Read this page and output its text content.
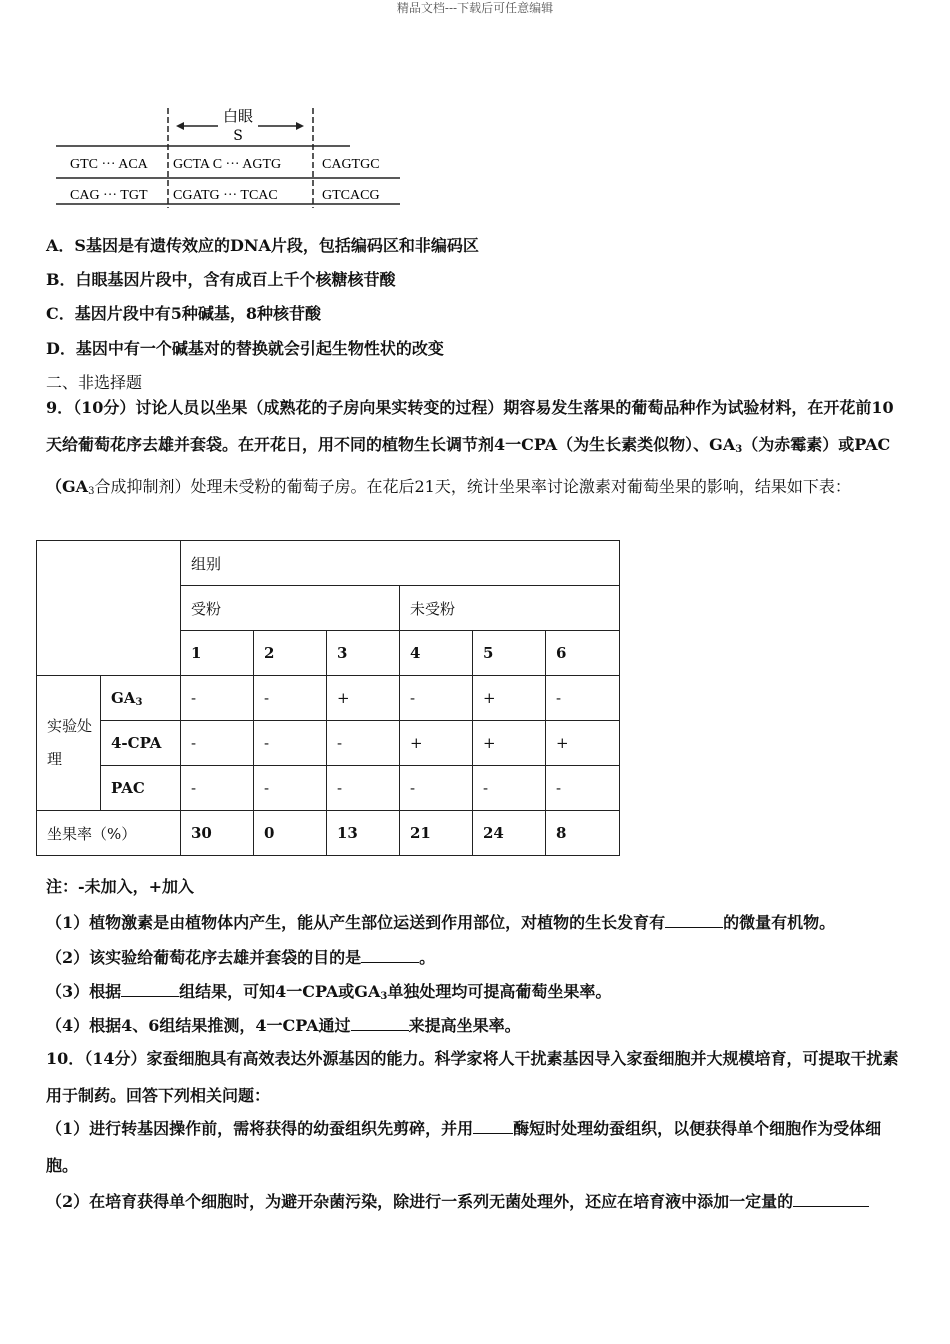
精品文档---下载后可任意编辑
白眼
S
GTC ··· ACA GCTA C ··· AGTG	CAGTGC
CAG ··· TGT CGATG ··· TCAC	GTCACG
A．S基因是有遗传效应的DNA片段，包括编码区和非编码区
B．白眼基因片段中，含有成百上千个核糖核苷酸
C．基因片段中有5种碱基，8种核苷酸
D．基因中有一个碱基对的替换就会引起生物性状的改变
二、非选择题
9．（10分）讨论人员以坐果（成熟花的子房向果实转变的过程）期容易发生落果的葡萄品种作为试验材料，在开花前10天给葡萄花序去雄并套袋。在开花日，用不同的植物生长调节剂4一CPA（为生长素类似物）、$GA_3$（为赤霉素）或$PAC(GA_3$合成抑制剂）处理未受粉的葡萄子房。在花后21天，统计坐果率讨论激素对葡萄坐果的影响，结果如下表：
		组别					
		受粉			未受粉		
		1	2	3	4	5	6
实验处理	$GA_3$	-	-	+	-	+	-
	4-CPA	-	-	-	+	+	+
	PAC	-	-	-	-	-	-
坐果率（%）		30	0	13	21	24	8
注：-未加入，+加入
（1）植物激素是由植物体内产生，能从产生部位运送到作用部位，对植物的生长发育有	的微量有机物。
（2）该实验给葡萄花序去雄并套袋的目的是	。
（3）根据	组结果，可知4一CPA或$GA_3$单独处理均可提高葡萄坐果率。
（4）根据4、6组结果推测，4一CPA通过	来提高坐果率。
10．（14分）家蚕细胞具有高效表达外源基因的能力。科学家将人干扰素基因导入家蚕细胞并大规模培育，可提取干扰素用于制药。回答下列相关问题：
（1）进行转基因操作前，需将获得的幼蚕组织先剪碎，并用	酶短时处理幼蚕组织，以便获得单个细胞作为受体细胞。
（2）在培育获得单个细胞时，为避开杂菌污染，除进行一系列无菌处理外，还应在培育液中添加一定量的
